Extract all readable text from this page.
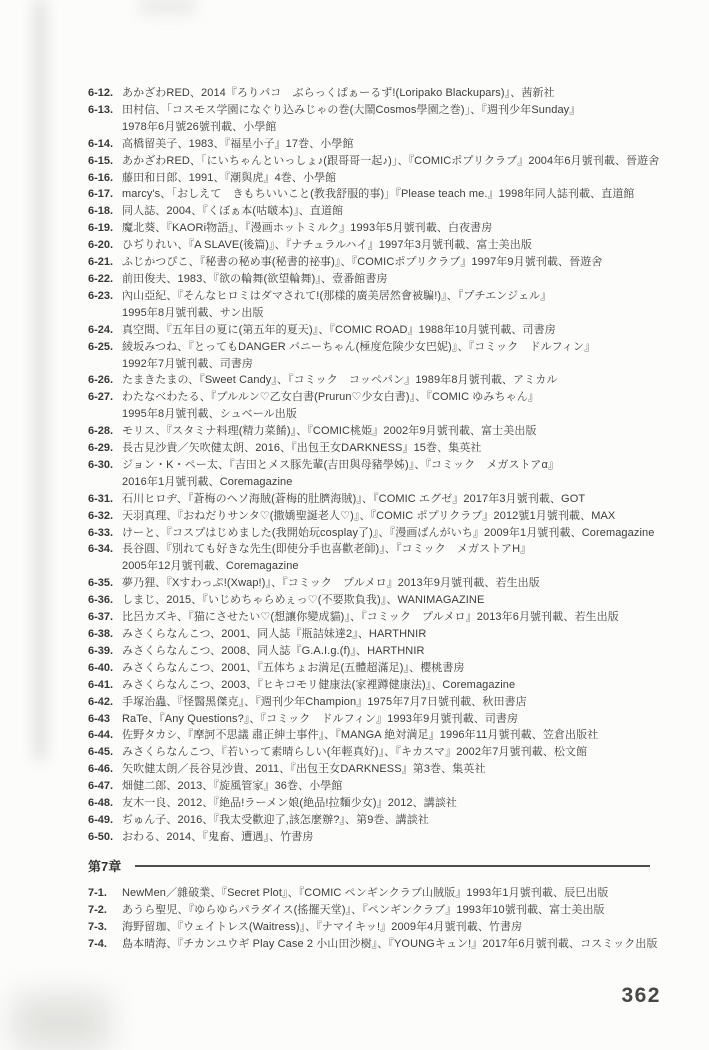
6-12. あかざわRED、2014『ろりパコ　ぶらっくぱぁーるず!(Loripako Blackupars)』、茜新社
6-13. 田村信、「コスモス学園になぐり込みじゃの巻(大鬧Cosmos學園之巻)」、『週刊少年Sunday』
1978年6月號26號刊載、小學館
6-14. 高橋留美子、1983、『福星小子』17巻、小學館
6-15. あかざわRED、「にいちゃんといっしょ♪(跟哥哥一起♪)」、『COMICポプリクラブ』2004年6月號刊載、晉遊舍
6-16. 藤田和日郎、1991、『潮與虎』4巻、小學館
6-17. marcy's、「おしえて　きもちいいこと(教我舒服的事)」『Please teach me.』1998年同人誌刊載、直道館
6-18. 同人誌、2004、『くぼぁ本(咕啵本)』、直道館
6-19. 魔北葵、『KAORi物語』、『漫画ホットミルク』1993年5月號刊載、白夜書房
6-20. ひぢりれい、『A SLAVE(後篇)』、『ナチュラルハイ』1997年3月號刊載、富士美出版
6-21. ふじかつぴこ、『秘書の秘め事(秘書的祕事)』、『COMICポプリクラブ』1997年9月號刊載、晉遊舍
6-22. 前田俊夫、1983、『欲の輪舞(欲望輪舞)』、壹番館書房
6-23. 內山亞紀、『そんなヒロミはダマされて!(那樣的廣美居然會被騙!)』、『プチエンジェル』
1995年8月號刊載、サン出版
6-24. 真空間、『五年目の夏に(第五年的夏天)』、『COMIC ROAD』1988年10月號刊載、司書房
6-25. 綾坂みつね、『とってもDANGER バニーちゃん(極度危険少女巴妮)』、『コミック　ドルフィン』
1992年7月號刊載、司書房
6-26. たまきたまの、『Sweet Candy』、『コミック　コッペパン』1989年8月號刊載、アミカル
6-27. わたなべわたる、『ブルルン♡乙女白書(Prurun♡少女白書)』、『COMIC ゆみちゃん』
1995年8月號刊載、シュベール出版
6-28. モリス、『スタミナ料理(精力菜餚)』、『COMIC桃姫』2002年9月號刊載、富士美出版
6-29. 長古見沙貴／矢吹健太朗、2016、『出包王女DARKNESS』15巻、集英社
6-30. ジョン・K・ペー太、『吉田とメス豚先輩(吉田與母豬學姊)』、『コミック　メガストアα』
2016年1月號刊載、Coremagazine
6-31. 石川ヒロヂ、『蒼梅のヘソ海賊(蒼梅的肚臍海賊)』、『COMIC エグゼ』2017年3月號刊載、GOT
6-32. 天羽真理、『おねだりサンタ♡(撒嬌聖誕老人♡)』、『COMIC ポプリクラブ』2012號1月號刊載、MAX
6-33. けーと、『コスプはじめました(我開始玩cosplay了)』、『漫画ばんがいち』2009年1月號刊載、Coremagazine
6-34. 長谷圓、『別れても好きな先生(即使分手也喜歡老師)』、『コミック　メガストアH』
2005年12月號刊載、Coremagazine
6-35. 夢乃狸、『Xすわっぷ!(Xwap!)』、『コミック　プルメロ』2013年9月號刊載、若生出版
6-36. しまじ、2015、『いじめちゃらめぇっ♡(不要欺負我)』、WANIMAGAZINE
6-37. 比呂カズキ、『猫にさせたい♡(想讓你變成貓)』、『コミック　プルメロ』2013年6月號刊載、若生出版
6-38. みさくらなんこつ、2001、同人誌『瓶詰妹達2』、HARTHNIR
6-39. みさくらなんこつ、2008、同人誌『G.A.I.g.(f)』、HARTHNIR
6-40. みさくらなんこつ、2001、『五体ちょお満足(五體超滿足)』、櫻桃書房
6-41. みさくらなんこつ、2003、『ヒキコモリ健康法(家裡蹲健康法)』、Coremagazine
6-42. 手塚治蟲、『怪醫黑傑克』、『週刊少年Champion』1975年7月7日號刊載、秋田書店
6-43	RaTe、『Any Questions?』、『コミック　ドルフィン』1993年9月號刊載、司書房
6-44. 佐野タカシ、『摩訶不思議 肅正紳士事件』、『MANGA 絶対満足』1996年11月號刊載、笠倉出版社
6-45. みさくらなんこつ、『若いって素晴らしい(年輕真好)』、『キカスマ』2002年7月號刊載、松文館
6-46. 矢吹健太朗／長谷見沙貴、2011、『出包王女DARKNESS』第3巻、集英社
6-47. 畑健二郎、2013、『旋風管家』36巻、小學館
6-48. 友木一良、2012、『絶品!ラーメン娘(絶品!拉麵少女)』2012、講談社
6-49. ぢゅん子、2016、『我太受歡迎了,該怎麼辦?』、第9巻、講談社
6-50. おわる、2014、『鬼畜、遭遇』、竹書房
第7章
7-1.	NewMen／雜破業、『Secret Plot』、『COMIC ペンギンクラブ山賊版』1993年1月號刊載、辰巳出版
7-2.	あうら聖児、『ゆらゆらパラダイス(搖擺天堂)』、『ペンギンクラブ』1993年10號刊載、富士美出版
7-3.	海野留珈、『ウェイトレス(Waitress)』、『ナマイキッ!』2009年4月號刊載、竹書房
7-4.	島本晴海、『チカンユウギ Play Case 2 小山田沙樹』、『YOUNGキュン!』2017年6月號刊載、コスミック出版
362
